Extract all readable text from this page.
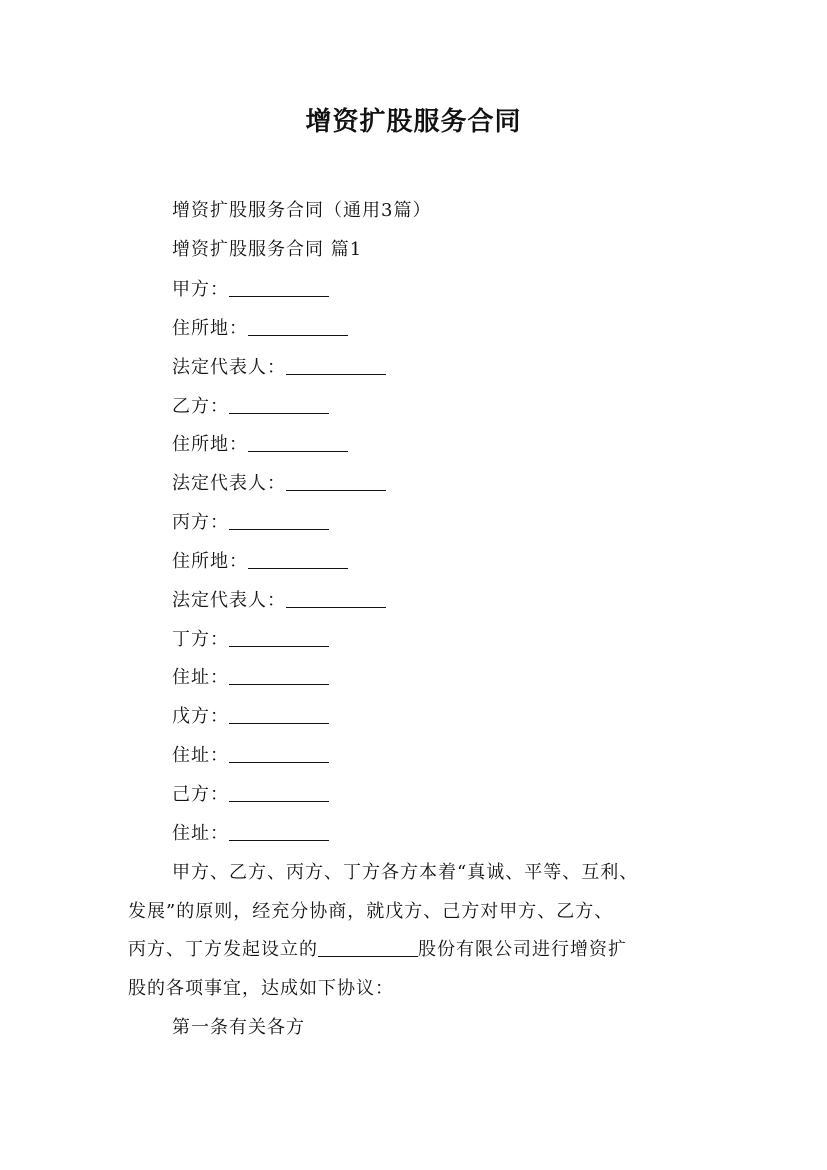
增资扩股服务合同
增资扩股服务合同（通用3篇）
增资扩股服务合同 篇1
甲方：
住所地：
法定代表人：
乙方：
住所地：
法定代表人：
丙方：
住所地：
法定代表人：
丁方：
住址：
戊方：
住址：
己方：
住址：
甲方、乙方、丙方、丁方各方本着“真诚、平等、互利、
发展”的原则，经充分协商，就戊方、己方对甲方、乙方、
丙方、丁方发起设立的	股份有限公司进行增资扩
股的各项事宜，达成如下协议：
第一条有关各方
